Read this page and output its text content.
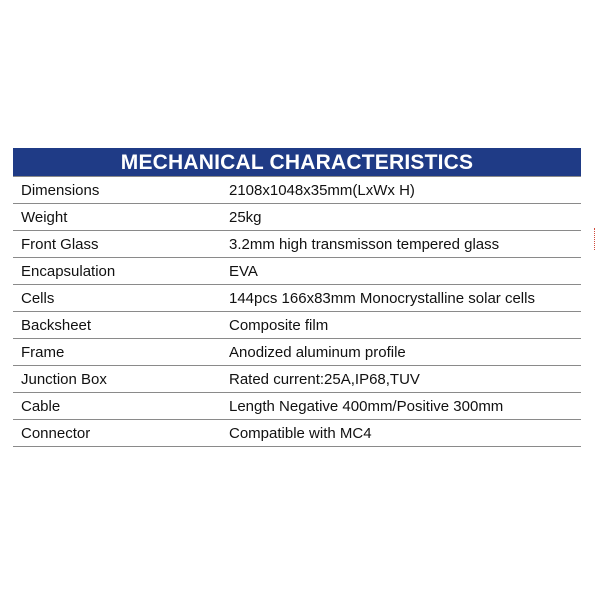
MECHANICAL CHARACTERISTICS
Dimensions	2108x1048x35mm(LxWx H)
Weight	25kg
Front Glass	3.2mm high transmisson tempered glass
Encapsulation	EVA
Cells	144pcs 166x83mm Monocrystalline solar cells
Backsheet	Composite film
Frame	Anodized aluminum profile
Junction Box	Rated current:25A,IP68,TUV
Cable	Length Negative 400mm/Positive 300mm
Connector	Compatible with MC4
